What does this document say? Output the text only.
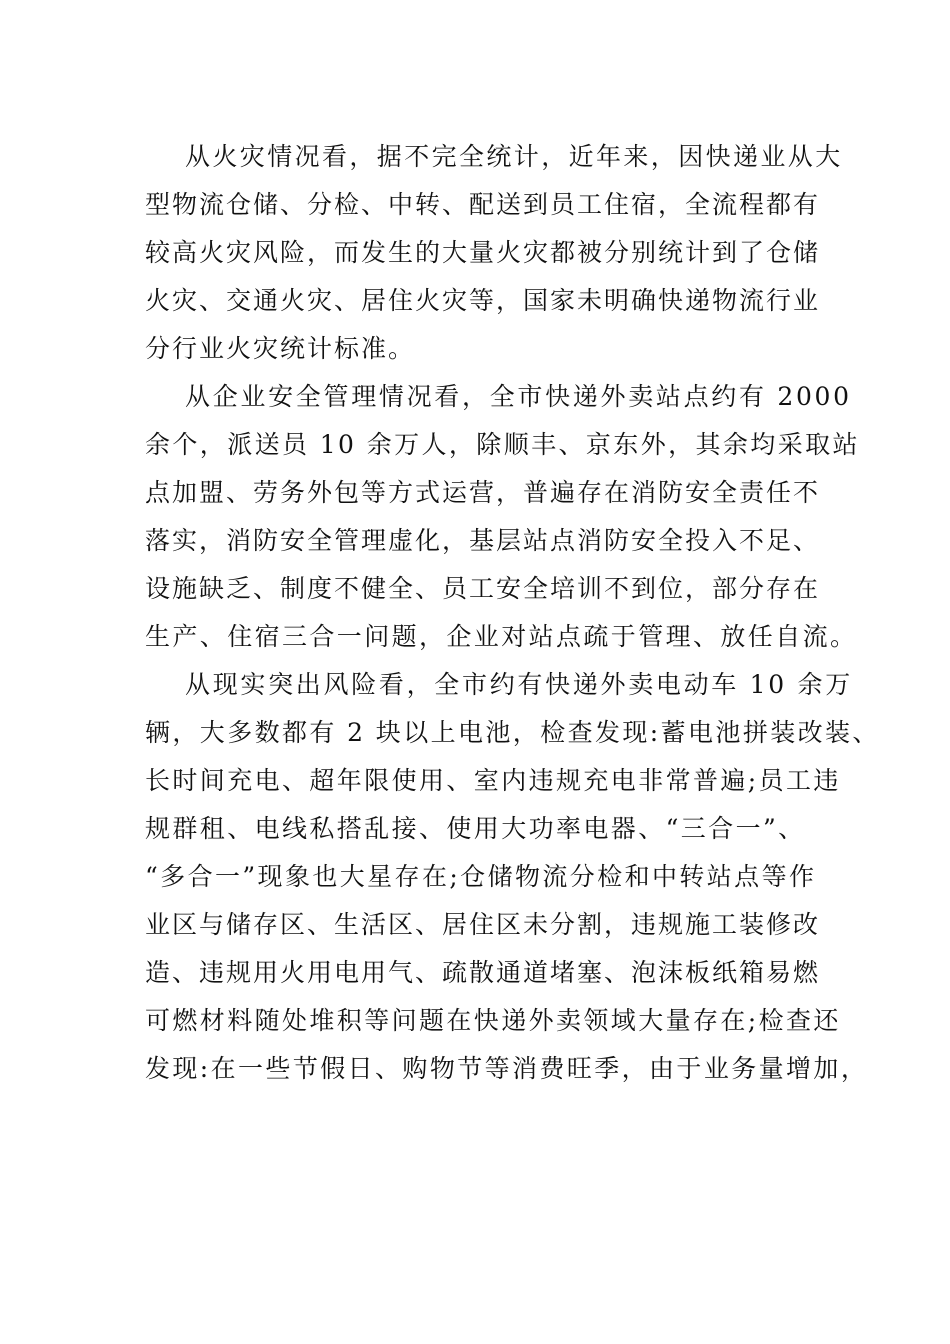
从火灾情况看，据不完全统计，近年来，因快递业从大
型物流仓储、分检、中转、配送到员工住宿，全流程都有
较高火灾风险，而发生的大量火灾都被分别统计到了仓储
火灾、交通火灾、居住火灾等，国家未明确快递物流行业
分行业火灾统计标准。
从企业安全管理情况看，全市快递外卖站点约有 2000
余个，派送员 10 余万人，除顺丰、京东外，其余均采取站
点加盟、劳务外包等方式运营，普遍存在消防安全责任不
落实，消防安全管理虚化，基层站点消防安全投入不足、
设施缺乏、制度不健全、员工安全培训不到位，部分存在
生产、住宿三合一问题，企业对站点疏于管理、放任自流。
从现实突出风险看，全市约有快递外卖电动车 10 余万
辆，大多数都有 2 块以上电池，检查发现:蓄电池拼装改装、
长时间充电、超年限使用、室内违规充电非常普遍;员工违
规群租、电线私搭乱接、使用大功率电器、“三合一”、
“多合一”现象也大星存在;仓储物流分检和中转站点等作
业区与储存区、生活区、居住区未分割，违规施工装修改
造、违规用火用电用气、疏散通道堵塞、泡沫板纸箱易燃
可燃材料随处堆积等问题在快递外卖领域大量存在;检查还
发现:在一些节假日、购物节等消费旺季，由于业务量增加，
